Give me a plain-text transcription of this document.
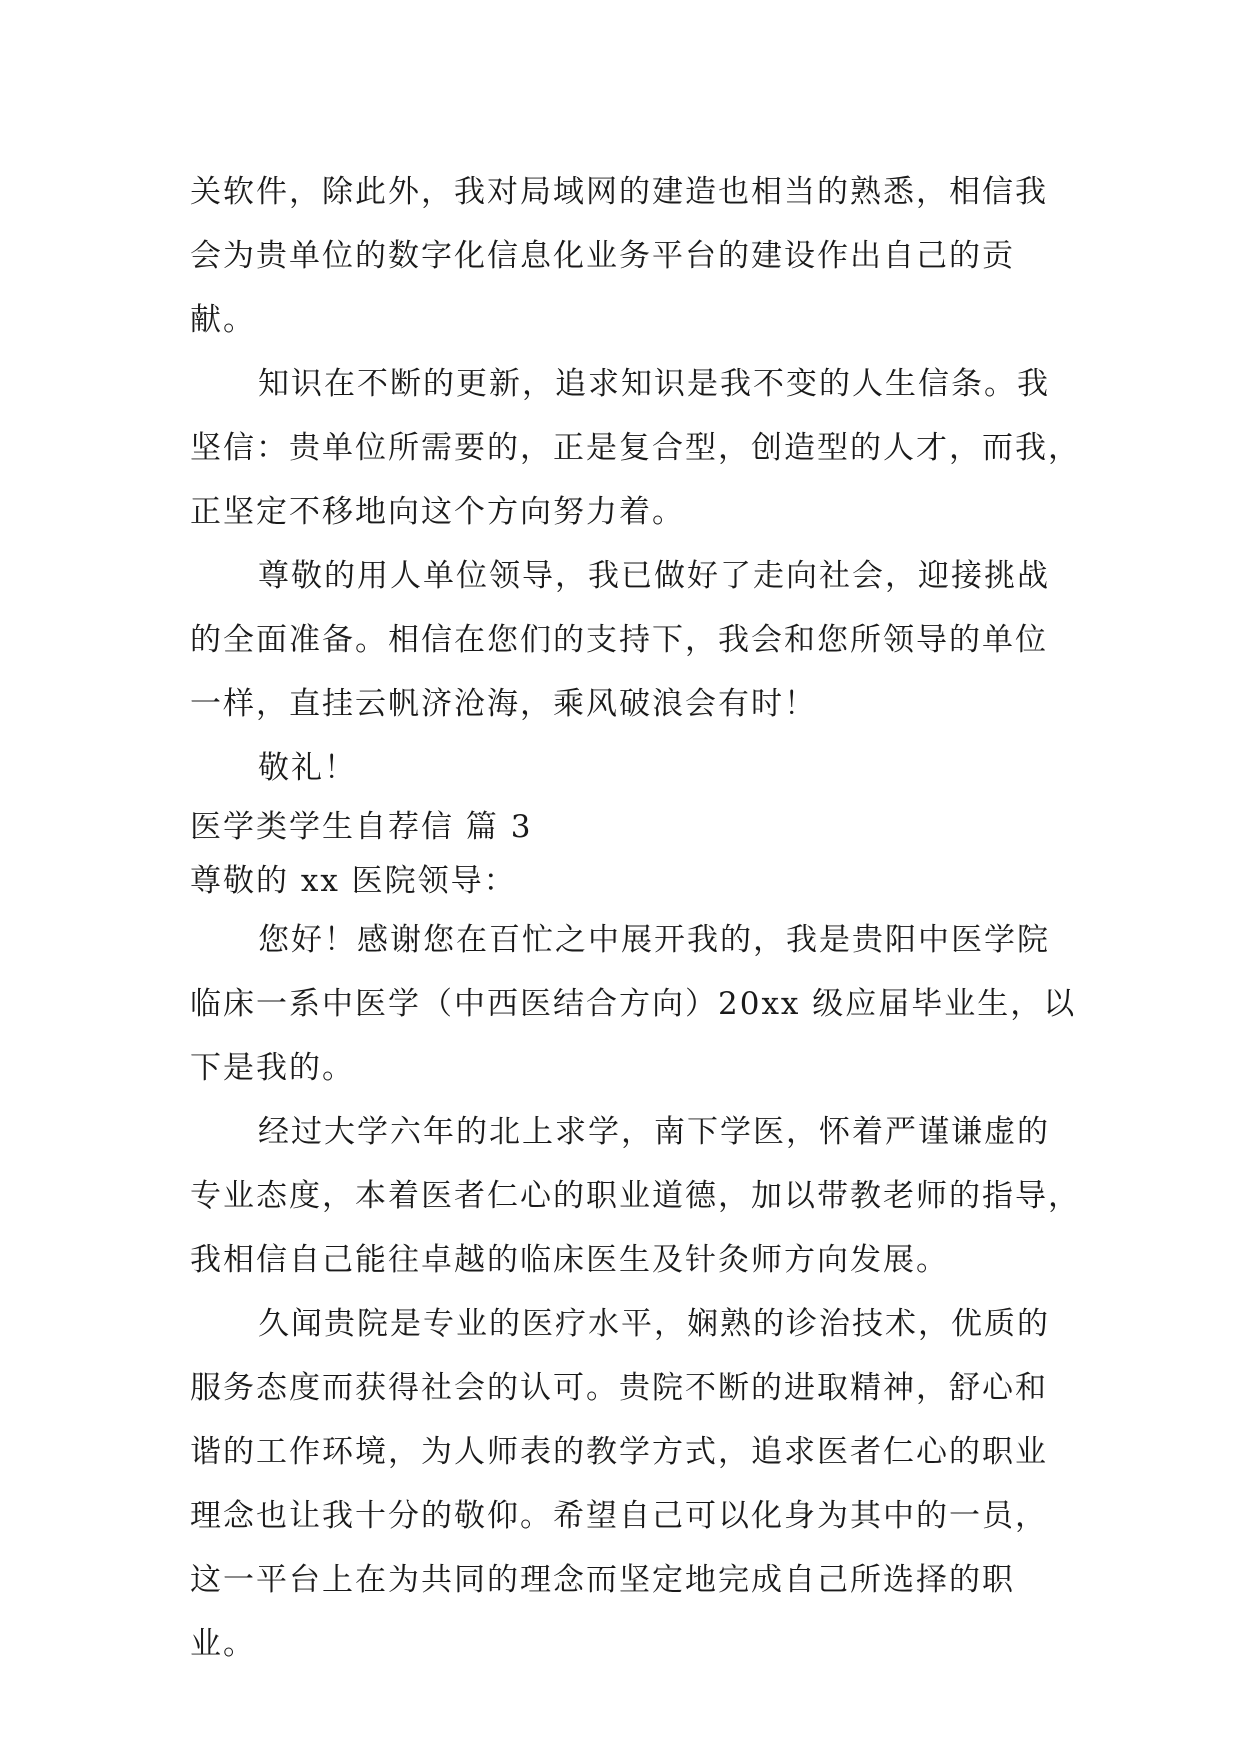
关软件，除此外，我对局域网的建造也相当的熟悉，相信我
会为贵单位的数字化信息化业务平台的建设作出自己的贡
献。
知识在不断的更新，追求知识是我不变的人生信条。我
坚信：贵单位所需要的，正是复合型，创造型的人才，而我，
正坚定不移地向这个方向努力着。
尊敬的用人单位领导，我已做好了走向社会，迎接挑战
的全面准备。相信在您们的支持下，我会和您所领导的单位
一样，直挂云帆济沧海，乘风破浪会有时！
敬礼！
医学类学生自荐信 篇 3
尊敬的 xx 医院领导：
您好！感谢您在百忙之中展开我的，我是贵阳中医学院
临床一系中医学（中西医结合方向）20xx 级应届毕业生，以
下是我的。
经过大学六年的北上求学，南下学医，怀着严谨谦虚的
专业态度，本着医者仁心的职业道德，加以带教老师的指导，
我相信自己能往卓越的临床医生及针灸师方向发展。
久闻贵院是专业的医疗水平，娴熟的诊治技术，优质的
服务态度而获得社会的认可。贵院不断的进取精神，舒心和
谐的工作环境，为人师表的教学方式，追求医者仁心的职业
理念也让我十分的敬仰。希望自己可以化身为其中的一员，
这一平台上在为共同的理念而坚定地完成自己所选择的职
业。
